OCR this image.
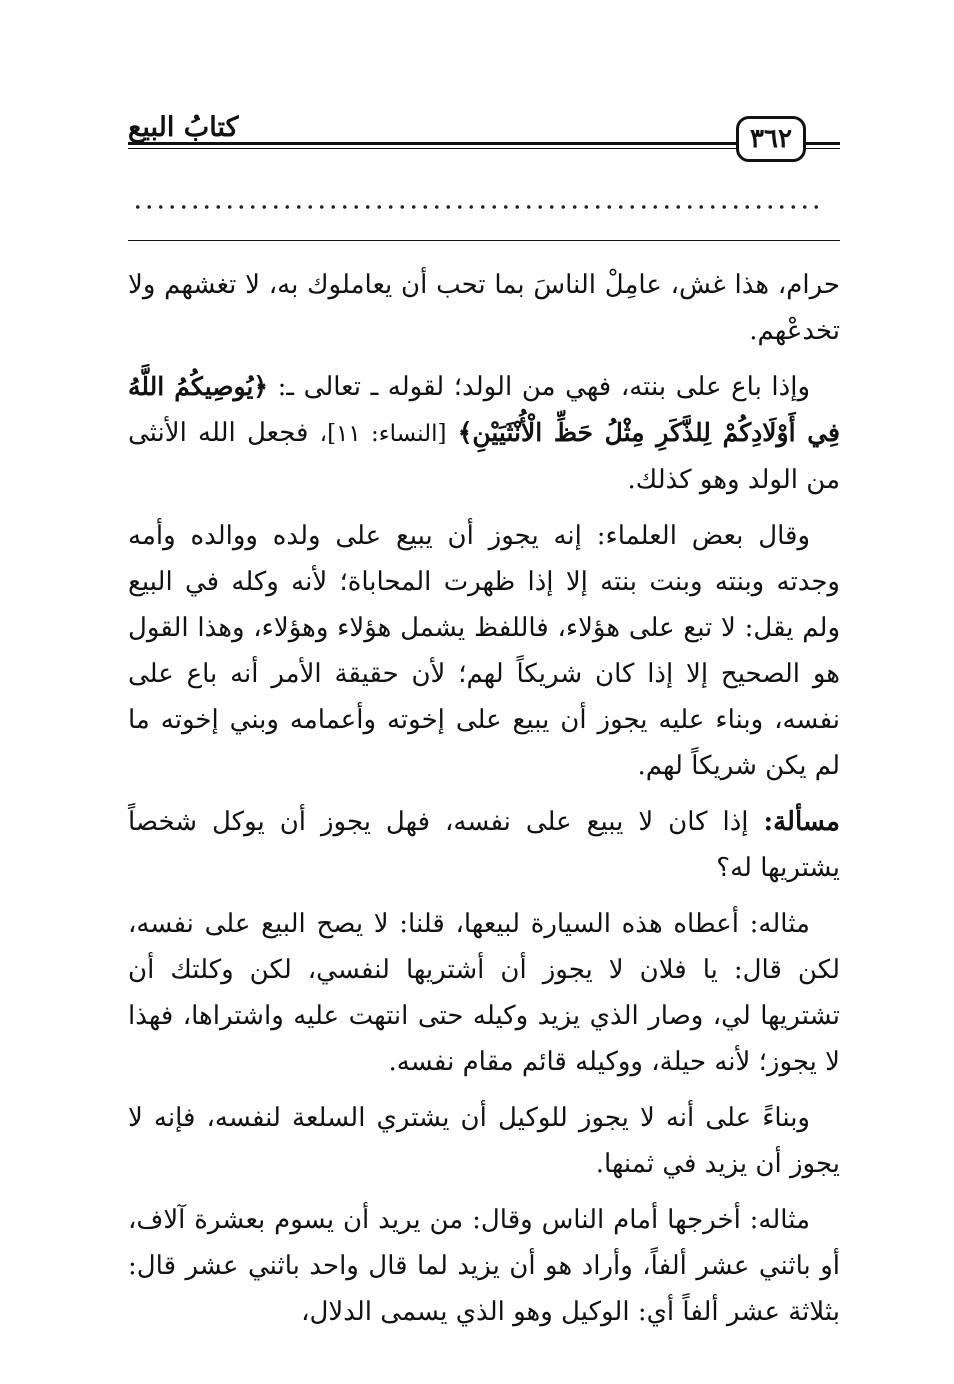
كتابُ البيع	٣٦٢

حرام، هذا غش، عامِلْ الناسَ بما تحب أن يعاملوك به، لا تغشهم ولا تخدعْهم.

وإذا باع على بنته، فهي من الولد؛ لقوله ـ تعالى ـ: ﴿يُوصِيكُمُ اللَّهُ فِي أَوْلَادِكُمْ لِلذَّكَرِ مِثْلُ حَظِّ الْأُنْثَيَيْنِ﴾ [النساء: ١١]، فجعل الله الأنثى من الولد وهو كذلك.

وقال بعض العلماء: إنه يجوز أن يبيع على ولده ووالده وأمه وجدته وبنته وبنت بنته إلا إذا ظهرت المحاباة؛ لأنه وكله في البيع ولم يقل: لا تبع على هؤلاء، فاللفظ يشمل هؤلاء وهؤلاء، وهذا القول هو الصحيح إلا إذا كان شريكاً لهم؛ لأن حقيقة الأمر أنه باع على نفسه، وبناء عليه يجوز أن يبيع على إخوته وأعمامه وبني إخوته ما لم يكن شريكاً لهم.

مسألة: إذا كان لا يبيع على نفسه، فهل يجوز أن يوكل شخصاً يشتريها له؟

مثاله: أعطاه هذه السيارة لبيعها، قلنا: لا يصح البيع على نفسه، لكن قال: يا فلان لا يجوز أن أشتريها لنفسي، لكن وكلتك أن تشتريها لي، وصار الذي يزيد وكيله حتى انتهت عليه واشتراها، فهذا لا يجوز؛ لأنه حيلة، ووكيله قائم مقام نفسه.

وبناءً على أنه لا يجوز للوكيل أن يشتري السلعة لنفسه، فإنه لا يجوز أن يزيد في ثمنها.

مثاله: أخرجها أمام الناس وقال: من يريد أن يسوم بعشرة آلاف، أو باثني عشر ألفاً، وأراد هو أن يزيد لما قال واحد باثني عشر قال: بثلاثة عشر ألفاً أي: الوكيل وهو الذي يسمى الدلال،
